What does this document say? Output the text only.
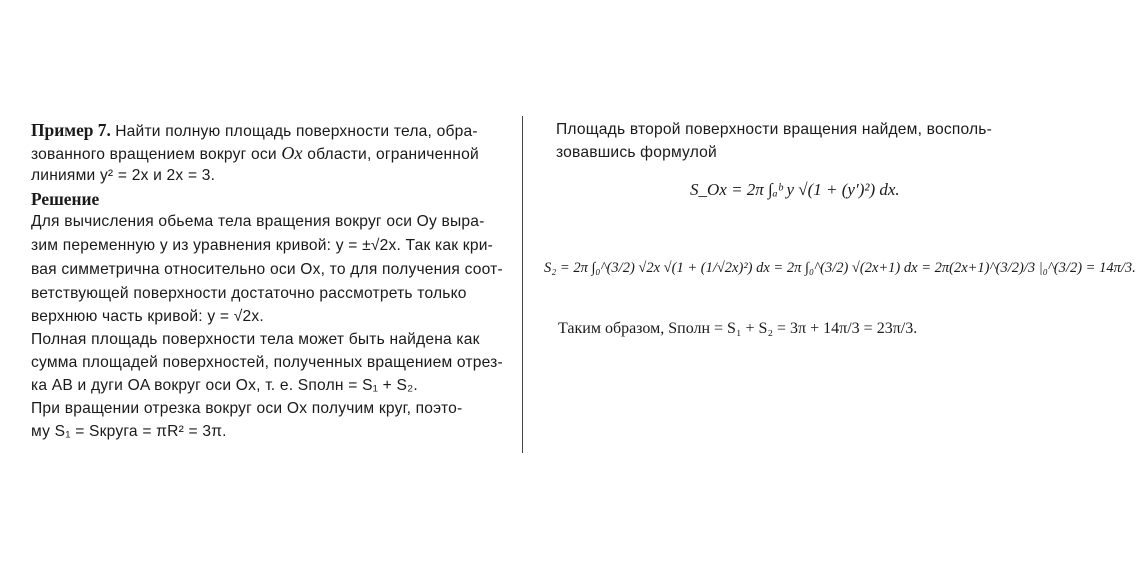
Пример 7. Найти полную площадь поверхности тела, обра-
зованного вращением вокруг оси Ox области, ограниченной
линиями y² = 2x и 2x = 3.
Решение
Для вычисления обьема тела вращения вокруг оси Oy выра-
зим переменную y из уравнения кривой: y = ±√2x. Так как кри-
вая симметрична относительно оси Ox, то для получения соот-
ветствующей поверхности достаточно рассмотреть только
верхнюю часть кривой: y = √2x.
Полная площадь поверхности тела может быть найдена как
сумма площадей поверхностей, полученных вращением отрез-
ка AB и дуги OA вокруг оси Ox, т. е. Sполн = S₁ + S₂.
При вращении отрезка вокруг оси Ox получим круг, поэто-
му S₁ = Sкруга = πR² = 3π.
Площадь второй поверхности вращения найдем, восполь-
зовавшись формулой
S_Ox = 2π ∫ₐᵇ y √(1 + (y′)²) dx.
S₂ = 2π ∫₀^(3/2) √2x √(1 + (1/√2x)²) dx = 2π ∫₀^(3/2) √(2x+1) dx = 2π(2x+1)^(3/2)/3 |₀^(3/2) = 14π/3.
Таким образом, Sполн = S₁ + S₂ = 3π + 14π/3 = 23π/3.
